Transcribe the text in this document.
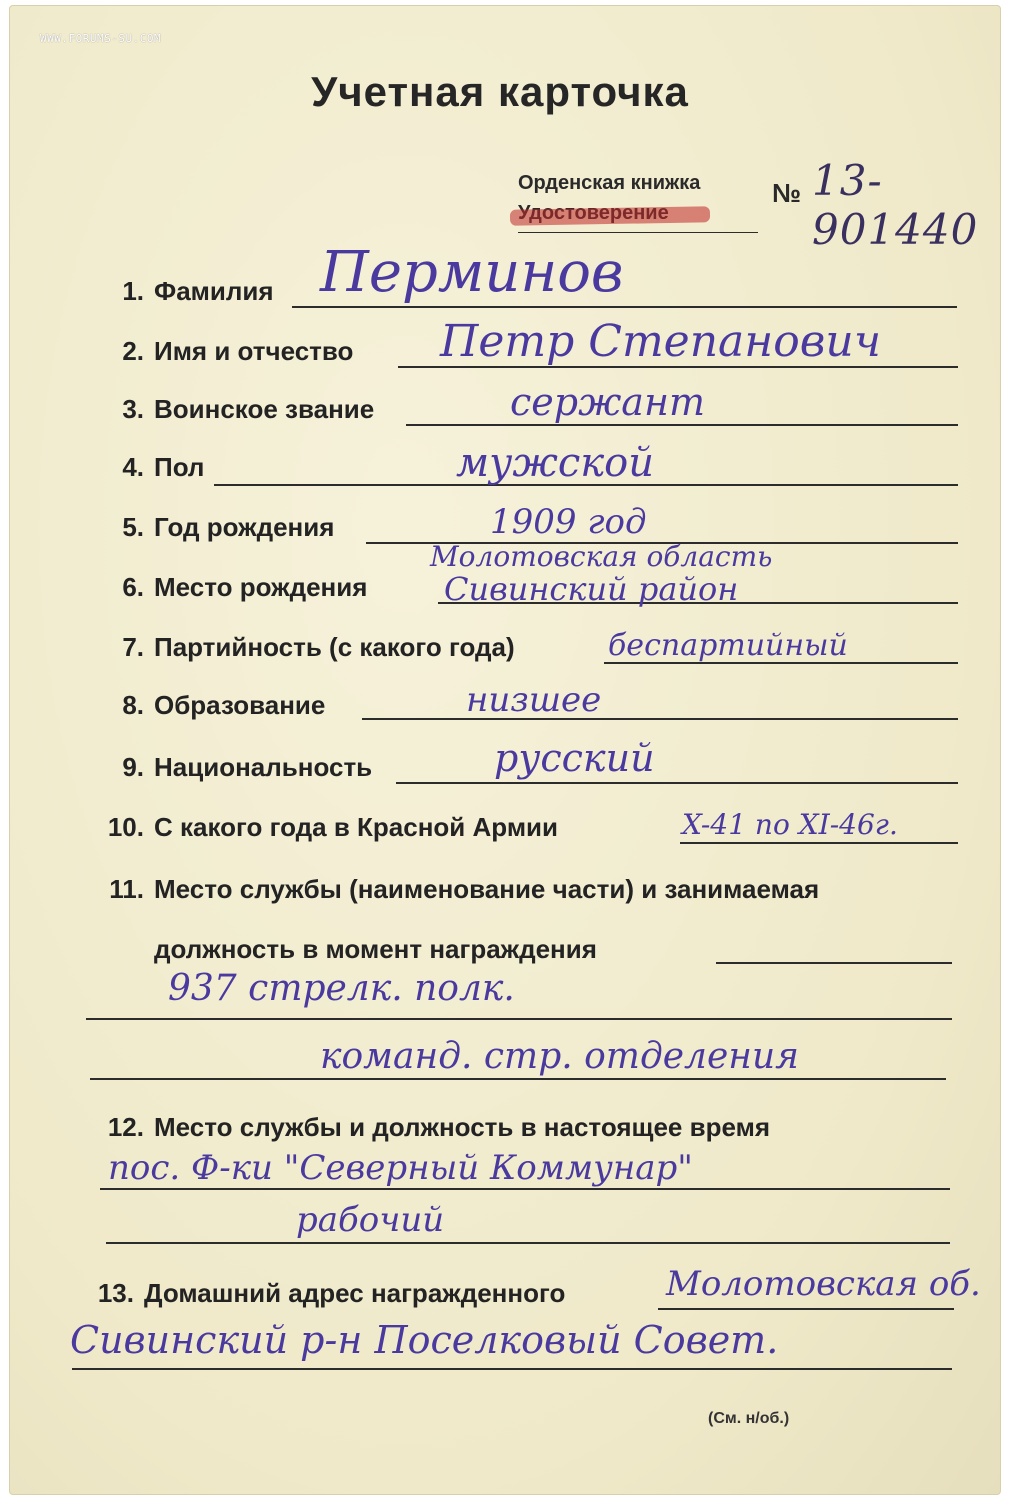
WWW.FORUMS-SU.COM
Учетная карточка
Орденская книжка	№ 13-901440
1. Фамилия Перминов
2. Имя и отчество Петр Степанович
3. Воинское звание	сержант
4. Пол	мужской
5. Год рождения	1909 год
6. Место рождения
Молотовская область
Сивинский район
7. Партийность (с какого года)	беспартийный
8. Образование	низшее
9. Национальность	русский
10. С какого года в Красной Армии	X-41 по XI-46г.
11. Место службы (наименование части) и занимаемая
должность в момент награждения
937 стрелк. полк.
команд. стр. отделения
12. Место службы и должность в настоящее время
пос. Ф-ки "Северный Коммунар"
рабочий
13. Домашний адрес награжденного	Молотовская об.
Сивинский р-н Поселковый Совет.
(См. н/об.)
